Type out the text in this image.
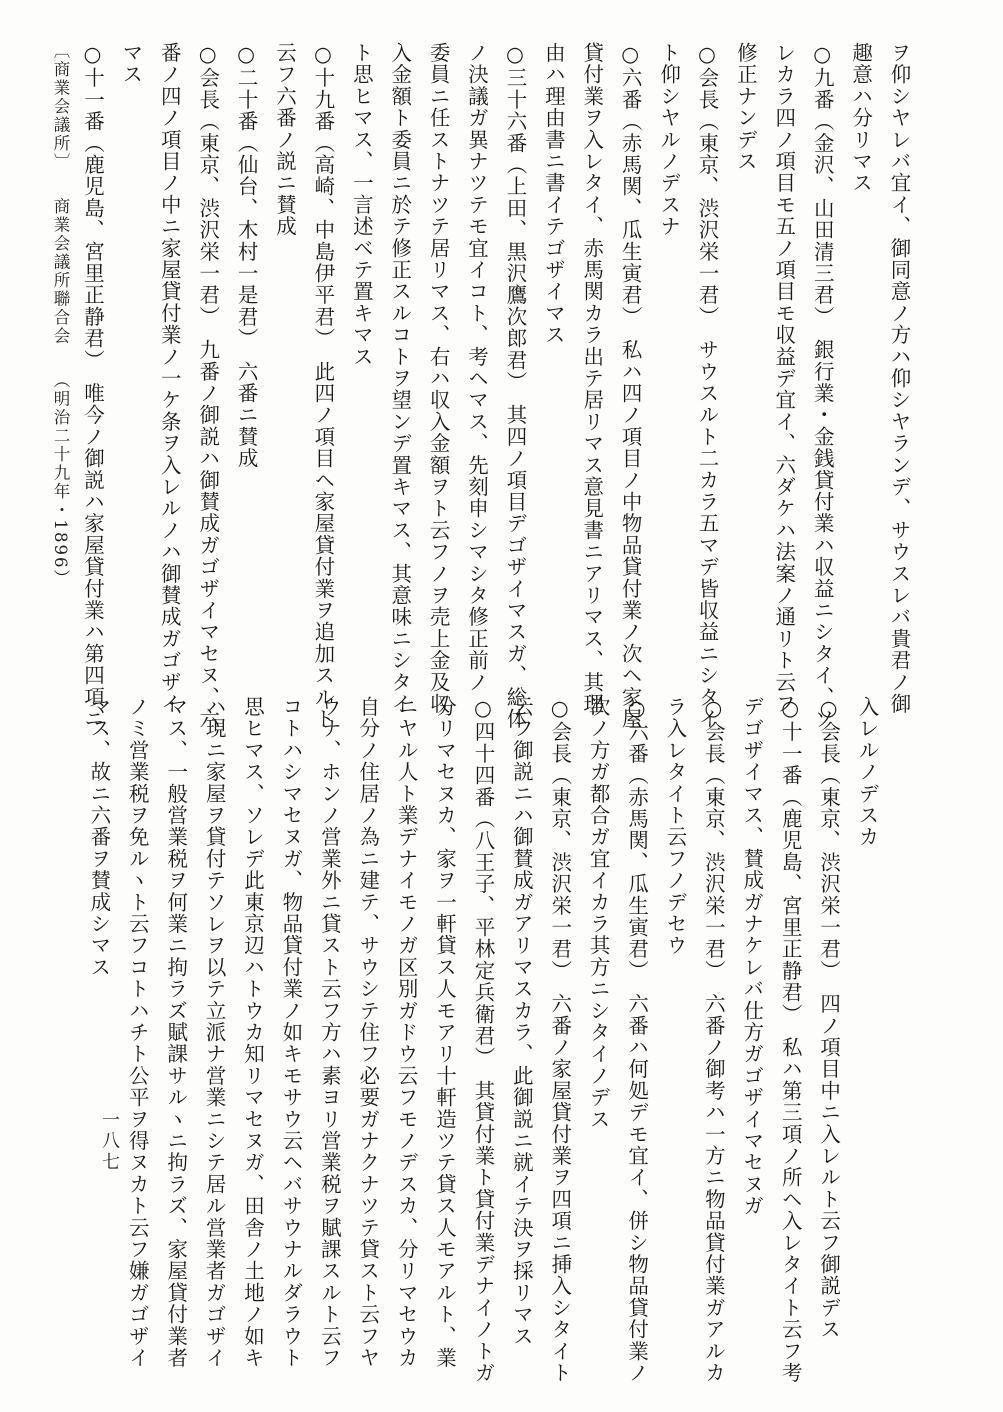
ヲ仰シヤレバ宜イ、御同意ノ方ハ仰シヤランデ、サウスレバ貴君ノ御
趣意ハ分リマス
○九番（金沢、山田清三君）　銀行業・金銭貸付業ハ収益ニシタイ、ソ
レカラ四ノ項目モ五ノ項目モ収益デ宜イ、六ダケハ法案ノ通リト云フ
修正ナンデス
○会長（東京、渋沢栄一君）　サウスルト二カラ五マデ皆収益ニシタイ
ト仰シヤルノデスナ
○六番（赤馬関、瓜生寅君）　私ハ四ノ項目ノ中物品貸付業ノ次ヘ家屋
貸付業ヲ入レタイ、赤馬関カラ出テ居リマス意見書ニアリマス、其理
由ハ理由書ニ書イテゴザイマス
○三十六番（上田、黒沢鷹次郎君）　其四ノ項目デゴザイマスガ、総体
ノ決議ガ異ナツテモ宜イコト、考ヘマス、先刻申シマシタ修正前ノ
委員ニ任ストナツテ居リマス、右ハ収入金額ヲト云フノヲ売上金及収
入金額ト委員ニ於テ修正スルコトヲ望ンデ置キマス、其意味ニシタイ
ト思ヒマス、一言述ベテ置キマス
○十九番（高崎、中島伊平君）　此四ノ項目ヘ家屋貸付業ヲ追加スルト
云フ六番ノ説ニ賛成
○二十番（仙台、木村一是君）　六番ニ賛成
○会長（東京、渋沢栄一君）　九番ノ御説ハ御賛成ガゴザイマセヌ、六
番ノ四ノ項目ノ中ニ家屋貸付業ノ一ケ条ヲ入レルノハ御賛成ガゴザイ
マス
○十一番（鹿児島、宮里正静君）　唯今ノ御説ハ家屋貸付業ハ第四項ニ
入レルノデスカ
○会長（東京、渋沢栄一君）　四ノ項目中ニ入レルト云フ御説デス
○十一番（鹿児島、宮里正静君）　私ハ第三項ノ所ヘ入レタイト云フ考
デゴザイマス、賛成ガナケレバ仕方ガゴザイマセヌガ
○会長（東京、渋沢栄一君）　六番ノ御考ハ一方ニ物品貸付業ガアルカ
ラ入レタイト云フノデセウ
○六番（赤馬関、瓜生寅君）　六番ハ何処デモ宜イ、併シ物品貸付業ノ
次ノ方ガ都合ガ宜イカラ其方ニシタイノデス
○会長（東京、渋沢栄一君）　六番ノ家屋貸付業ヲ四項ニ挿入シタイト
云フ御説ニハ御賛成ガアリマスカラ、此御説ニ就イテ決ヲ採リマス
○四十四番（八王子、平林定兵衛君）　其貸付業ト貸付業デナイノトガ
分リマセヌカ、家ヲ一軒貸ス人モアリ十軒造ツテ貸ス人モアルト、業
ニヤル人ト業デナイモノガ区別ガドウ云フモノデスカ、分リマセウカ
自分ノ住居ノ為ニ建テ、サウシテ住フ必要ガナクナツテ貸スト云フヤ
ウナ、ホンノ営業外ニ貸スト云フ方ハ素ヨリ営業税ヲ賦課スルト云フ
コトハシマセヌガ、物品貸付業ノ如キモサウ云ヘバサウナルダラウト
思ヒマス、ソレデ此東京辺ハトウカ知リマセヌガ、田舎ノ土地ノ如キ
ハ現ニ家屋ヲ貸付テソレヲ以テ立派ナ営業ニシテ居ル営業者ガゴザイ
マス、一般営業税ヲ何業ニ拘ラズ賦課サルヽニ拘ラズ、家屋貸付業者
ノミ営業税ヲ免ルヽト云フコトハチト公平ヲ得ヌカト云フ嫌ガゴザイ
マス、故ニ六番ヲ賛成シマス
〔商業会議所〕商業会議所聯合会（明治二十九年・1896）
一八七
